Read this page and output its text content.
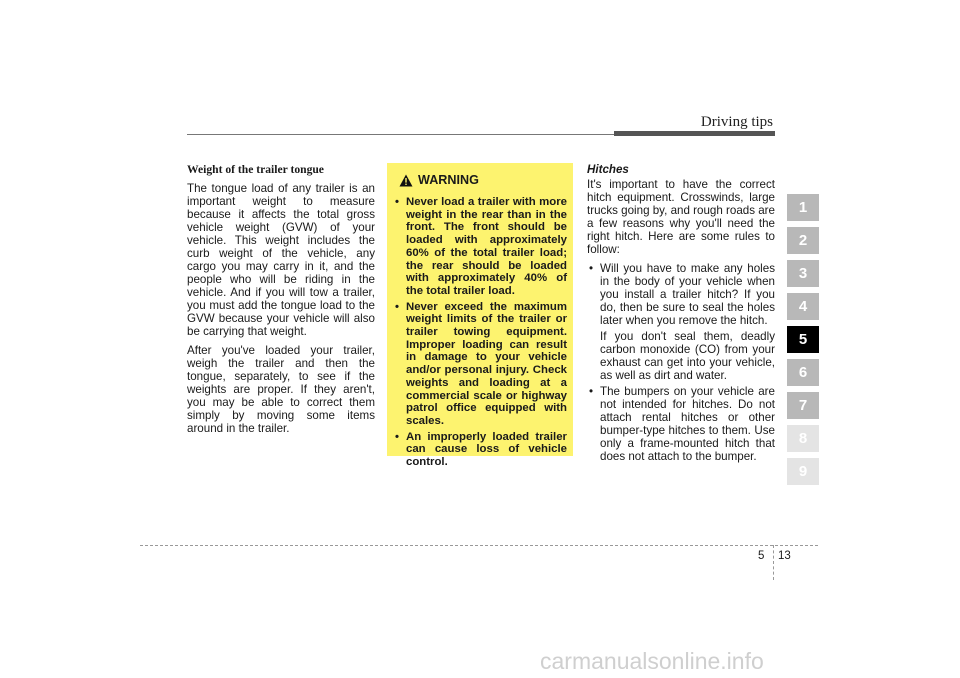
Driving tips
Weight of the trailer tongue

The tongue load of any trailer is an important weight to measure because it affects the total gross vehicle weight (GVW) of your vehicle. This weight includes the curb weight of the vehicle, any cargo you may carry in it, and the people who will be riding in the vehicle. And if you will tow a trailer, you must add the tongue load to the GVW because your vehicle will also be carrying that weight.

After you've loaded your trailer, weigh the trailer and then the tongue, separately, to see if the weights are proper. If they aren't, you may be able to correct them simply by moving some items around in the trailer.

WARNING
• Never load a trailer with more weight in the rear than in the front. The front should be loaded with approximately 60% of the total trailer load; the rear should be loaded with approximately 40% of the total trailer load.
• Never exceed the maximum weight limits of the trailer or trailer towing equipment. Improper loading can result in damage to your vehicle and/or personal injury. Check weights and loading at a commercial scale or highway patrol office equipped with scales.
• An improperly loaded trailer can cause loss of vehicle control.
Hitches

It's important to have the correct hitch equipment. Crosswinds, large trucks going by, and rough roads are a few reasons why you'll need the right hitch. Here are some rules to follow:

• Will you have to make any holes in the body of your vehicle when you install a trailer hitch? If you do, then be sure to seal the holes later when you remove the hitch.
If you don't seal them, deadly carbon monoxide (CO) from your exhaust can get into your vehicle, as well as dirt and water.
• The bumpers on your vehicle are not intended for hitches. Do not attach rental hitches or other bumper-type hitches to them. Use only a frame-mounted hitch that does not attach to the bumper.
1
2
3
4
5
6
7
8
9
5 13
carmanualsonline.info
